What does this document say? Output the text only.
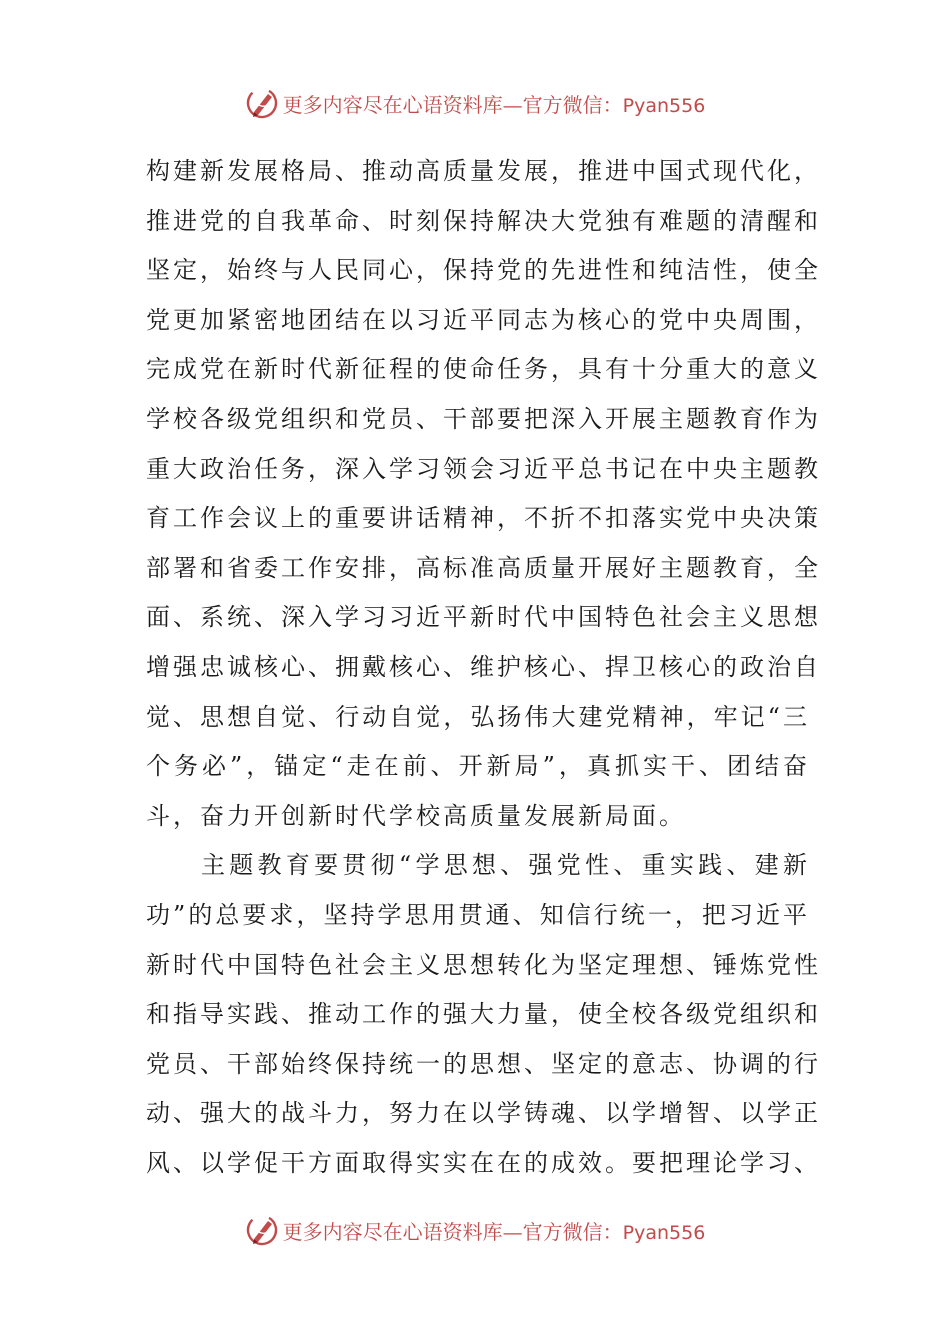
更多内容尽在心语资料库—官方微信：Pyan556
构建新发展格局、推动高质量发展，推进中国式现代化，
推进党的自我革命、时刻保持解决大党独有难题的清醒和
坚定，始终与人民同心，保持党的先进性和纯洁性，使全
党更加紧密地团结在以习近平同志为核心的党中央周围，
完成党在新时代新征程的使命任务，具有十分重大的意义
学校各级党组织和党员、干部要把深入开展主题教育作为
重大政治任务，深入学习领会习近平总书记在中央主题教
育工作会议上的重要讲话精神，不折不扣落实党中央决策
部署和省委工作安排，高标准高质量开展好主题教育，全
面、系统、深入学习习近平新时代中国特色社会主义思想
增强忠诚核心、拥戴核心、维护核心、捍卫核心的政治自
觉、思想自觉、行动自觉，弘扬伟大建党精神，牢记“三
个务必”，锚定“走在前、开新局”，真抓实干、团结奋
斗，奋力开创新时代学校高质量发展新局面。
主题教育要贯彻“学思想、强党性、重实践、建新
功”的总要求，坚持学思用贯通、知信行统一，把习近平
新时代中国特色社会主义思想转化为坚定理想、锤炼党性
和指导实践、推动工作的强大力量，使全校各级党组织和
党员、干部始终保持统一的思想、坚定的意志、协调的行
动、强大的战斗力，努力在以学铸魂、以学增智、以学正
风、以学促干方面取得实实在在的成效。要把理论学习、
更多内容尽在心语资料库—官方微信：Pyan556
